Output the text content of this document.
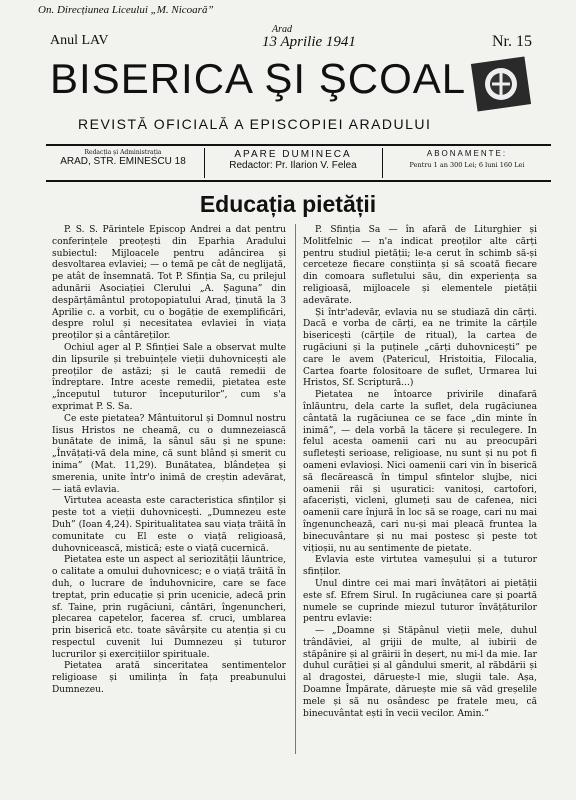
On. Direcțiunea Liceului „M. Nicoară”
Arad
Anul LAV	13 Aprilie 1941	Nr. 15
BISERICA ŞI ŞCOAL
REVISTĂ OFICIALĂ A EPISCOPIEI ARADULUI
Redacția și Administrația
ARAD, STR. EMINESCU 18
APARE DUMINECA
Redactor: Pr. Ilarion V. Felea
ABONAMENTE:
Pentru 1 an 300 Lei; 6 luni 160 Lei
Educația pietății

P. S. S. Părintele Episcop Andrei a dat pentru conferințele preoțești din Eparhia Aradului subiectul: Mijloacele pentru adâncirea și desvoltarea evlaviei; — o temă pe cât de neglijată, pe atât de însemnată. Tot P. Sfinția Sa, cu prilejul adunării Asociației Clerului „A. Șaguna” din despărțământul protopopiatului Arad, ținută la 3 Aprilie c. a vorbit, cu o bogăție de exemplificări, despre rolul și necesitatea evlaviei în viața preoților și a cântăreților.

Ochiul ager al P. Sfinției Sale a observat multe din lipsurile și trebuințele vieții duhovnicești ale preoților de astăzi; și le caută remedii de îndreptare. Intre aceste remedii, pietatea este „începutul tuturor începuturilor”, cum s'a exprimat P. S. Sa.

Ce este pietatea? Mântuitorul și Domnul nostru Iisus Hristos ne cheamă, cu o dumnezeiască bunătate de inimă, la sânul său și ne spune: „Învățați-vă dela mine, că sunt blând și smerit cu inima” (Mat. 11,29). Bunătatea, blândețea și smerenia, unite într'o inimă de creștin adevărat, — iată evlavia.

Virtutea aceasta este caracteristica sfinților și peste tot a vieții duhovnicești. „Dumnezeu este Duh” (Ioan 4,24). Spiritualitatea sau viața trăită în comunitate cu El este o viață religioasă, duhovnicească, mistică; este o viață cucernică.

Pietatea este un aspect al seriozității lăuntrice, o calitate a omului duhovnicesc; e o viață trăită în duh, o lucrare de înduhovnicire, care se face treptat, prin educație și prin ucenicie, adecă prin sf. Taine, prin rugăciuni, cântări, îngenuncheri, plecarea capetelor, facerea sf. cruci, umblarea prin biserică etc. toate săvârșite cu atenția și cu respectul cuvenit lui Dumnezeu și tuturor lucrurilor și exercițiilor spirituale.

Pietatea arată sinceritatea sentimentelor religioase și umilința în fața preabunului Dumnezeu.

P. Sfinția Sa — în afară de Liturghier și Molitfelnic — n'a indicat preoților alte cărți pentru studiul pietății; le-a cerut în schimb să-și cerceteze fiecare conștiința și să scoată fiecare din comoara sufletului său, din experiența sa religioasă, mijloacele și elementele pietății adevărate.

Și într'adevăr, evlavia nu se studiază din cărți. Dacă e vorba de cărți, ea ne trimite la cărțile bisericești (cărțile de ritual), la cartea de rugăciuni și la puținele „cărți duhovnicești” pe care le avem (Patericul, Hristoitia, Filocalia, Cartea foarte folositoare de suflet, Urmarea lui Hristos, Sf. Scriptură...)

Pietatea ne întoarce privirile dinafară înlăuntru, dela carte la suflet, dela rugăciunea cântată la rugăciunea ce se face „din minte în inimă”, — dela vorbă la tăcere și reculegere. In felul acesta oamenii cari nu au preocupări sufletești serioase, religioase, nu sunt și nu pot fi oameni evlavioși. Nici oamenii cari vin în biserică să flecărească în timpul sfintelor slujbe, nici oamenii răi și ușuratici: vanitoși, cartofori, afaceriști, vicleni, glumeți sau de cafenea, nici oamenii care înjură în loc să se roage, cari nu mai îngenunchează, cari nu-și mai pleacă fruntea la binecuvântare și nu mai postesc și peste tot vițioșii, nu au sentimente de pietate.

Evlavia este virtutea vameșului și a tuturor sfinților.

Unul dintre cei mai mari învățători ai pietății este sf. Efrem Sirul. In rugăciunea care și poartă numele se cuprinde miezul tuturor învățăturilor pentru evlavie:

— „Doamne și Stăpânul vieții mele, duhul trândăviei, al grijii de multe, al iubirii de stăpânire și al grăirii în deșert, nu mi-l da mie. Iar duhul curăției și al gândului smerit, al răbdării și al dragostei, dăruește-l mie, slugii tale. Așa, Doamne Împărate, dăruește mie să văd greșelile mele și să nu osândesc pe fratele meu, că binecuvântat ești în vecii vecilor. Amin.”
